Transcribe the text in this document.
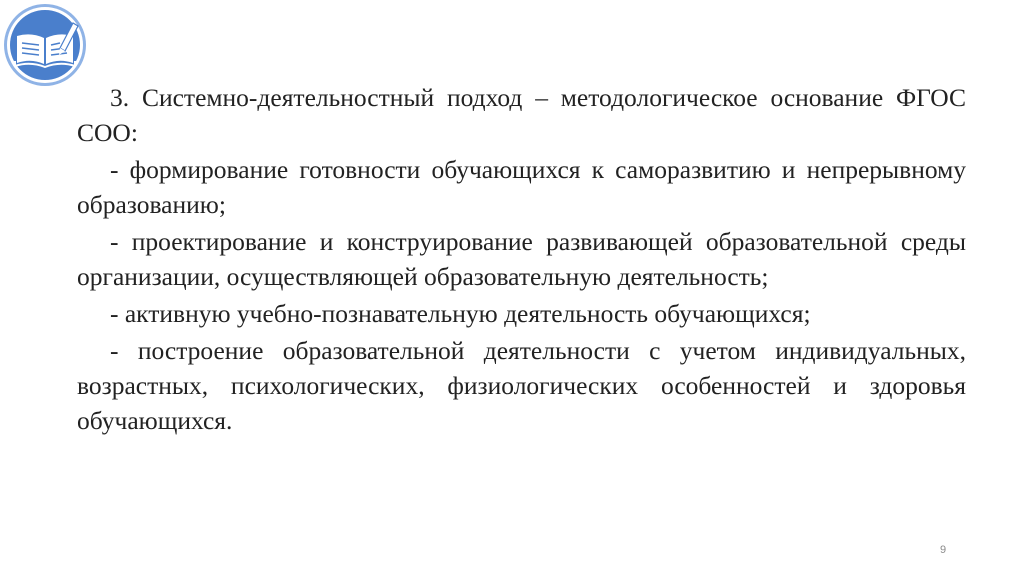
3. Системно-деятельностный подход – методологическое основание ФГОС СОО:

- формирование готовности обучающихся к саморазвитию и непрерывному образованию;

- проектирование и конструирование развивающей образовательной среды организации, осуществляющей образовательную деятельность;

- активную учебно-познавательную деятельность обучающихся;

- построение образовательной деятельности с учетом индивидуальных, возрастных, психологических, физиологических особенностей и здоровья обучающихся.

9
